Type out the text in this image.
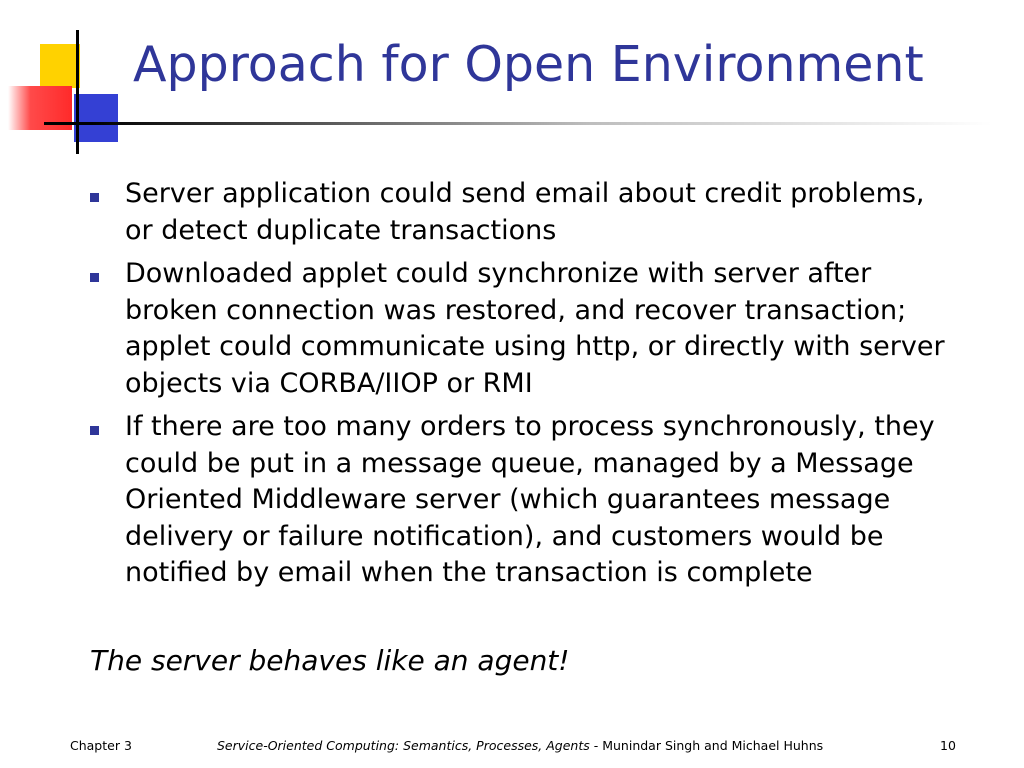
Approach for Open Environment
Server application could send email about credit problems, or detect duplicate transactions
Downloaded applet could synchronize with server after broken connection was restored, and recover transaction; applet could communicate using http, or directly with server objects via CORBA/IIOP or RMI
If there are too many orders to process synchronously, they could be put in a message queue, managed by a Message Oriented Middleware server (which guarantees message delivery or failure notification), and customers would be notified by email when the transaction is complete
The server behaves like an agent!
Chapter 3	Service-Oriented Computing: Semantics, Processes, Agents - Munindar Singh and Michael Huhns	10
